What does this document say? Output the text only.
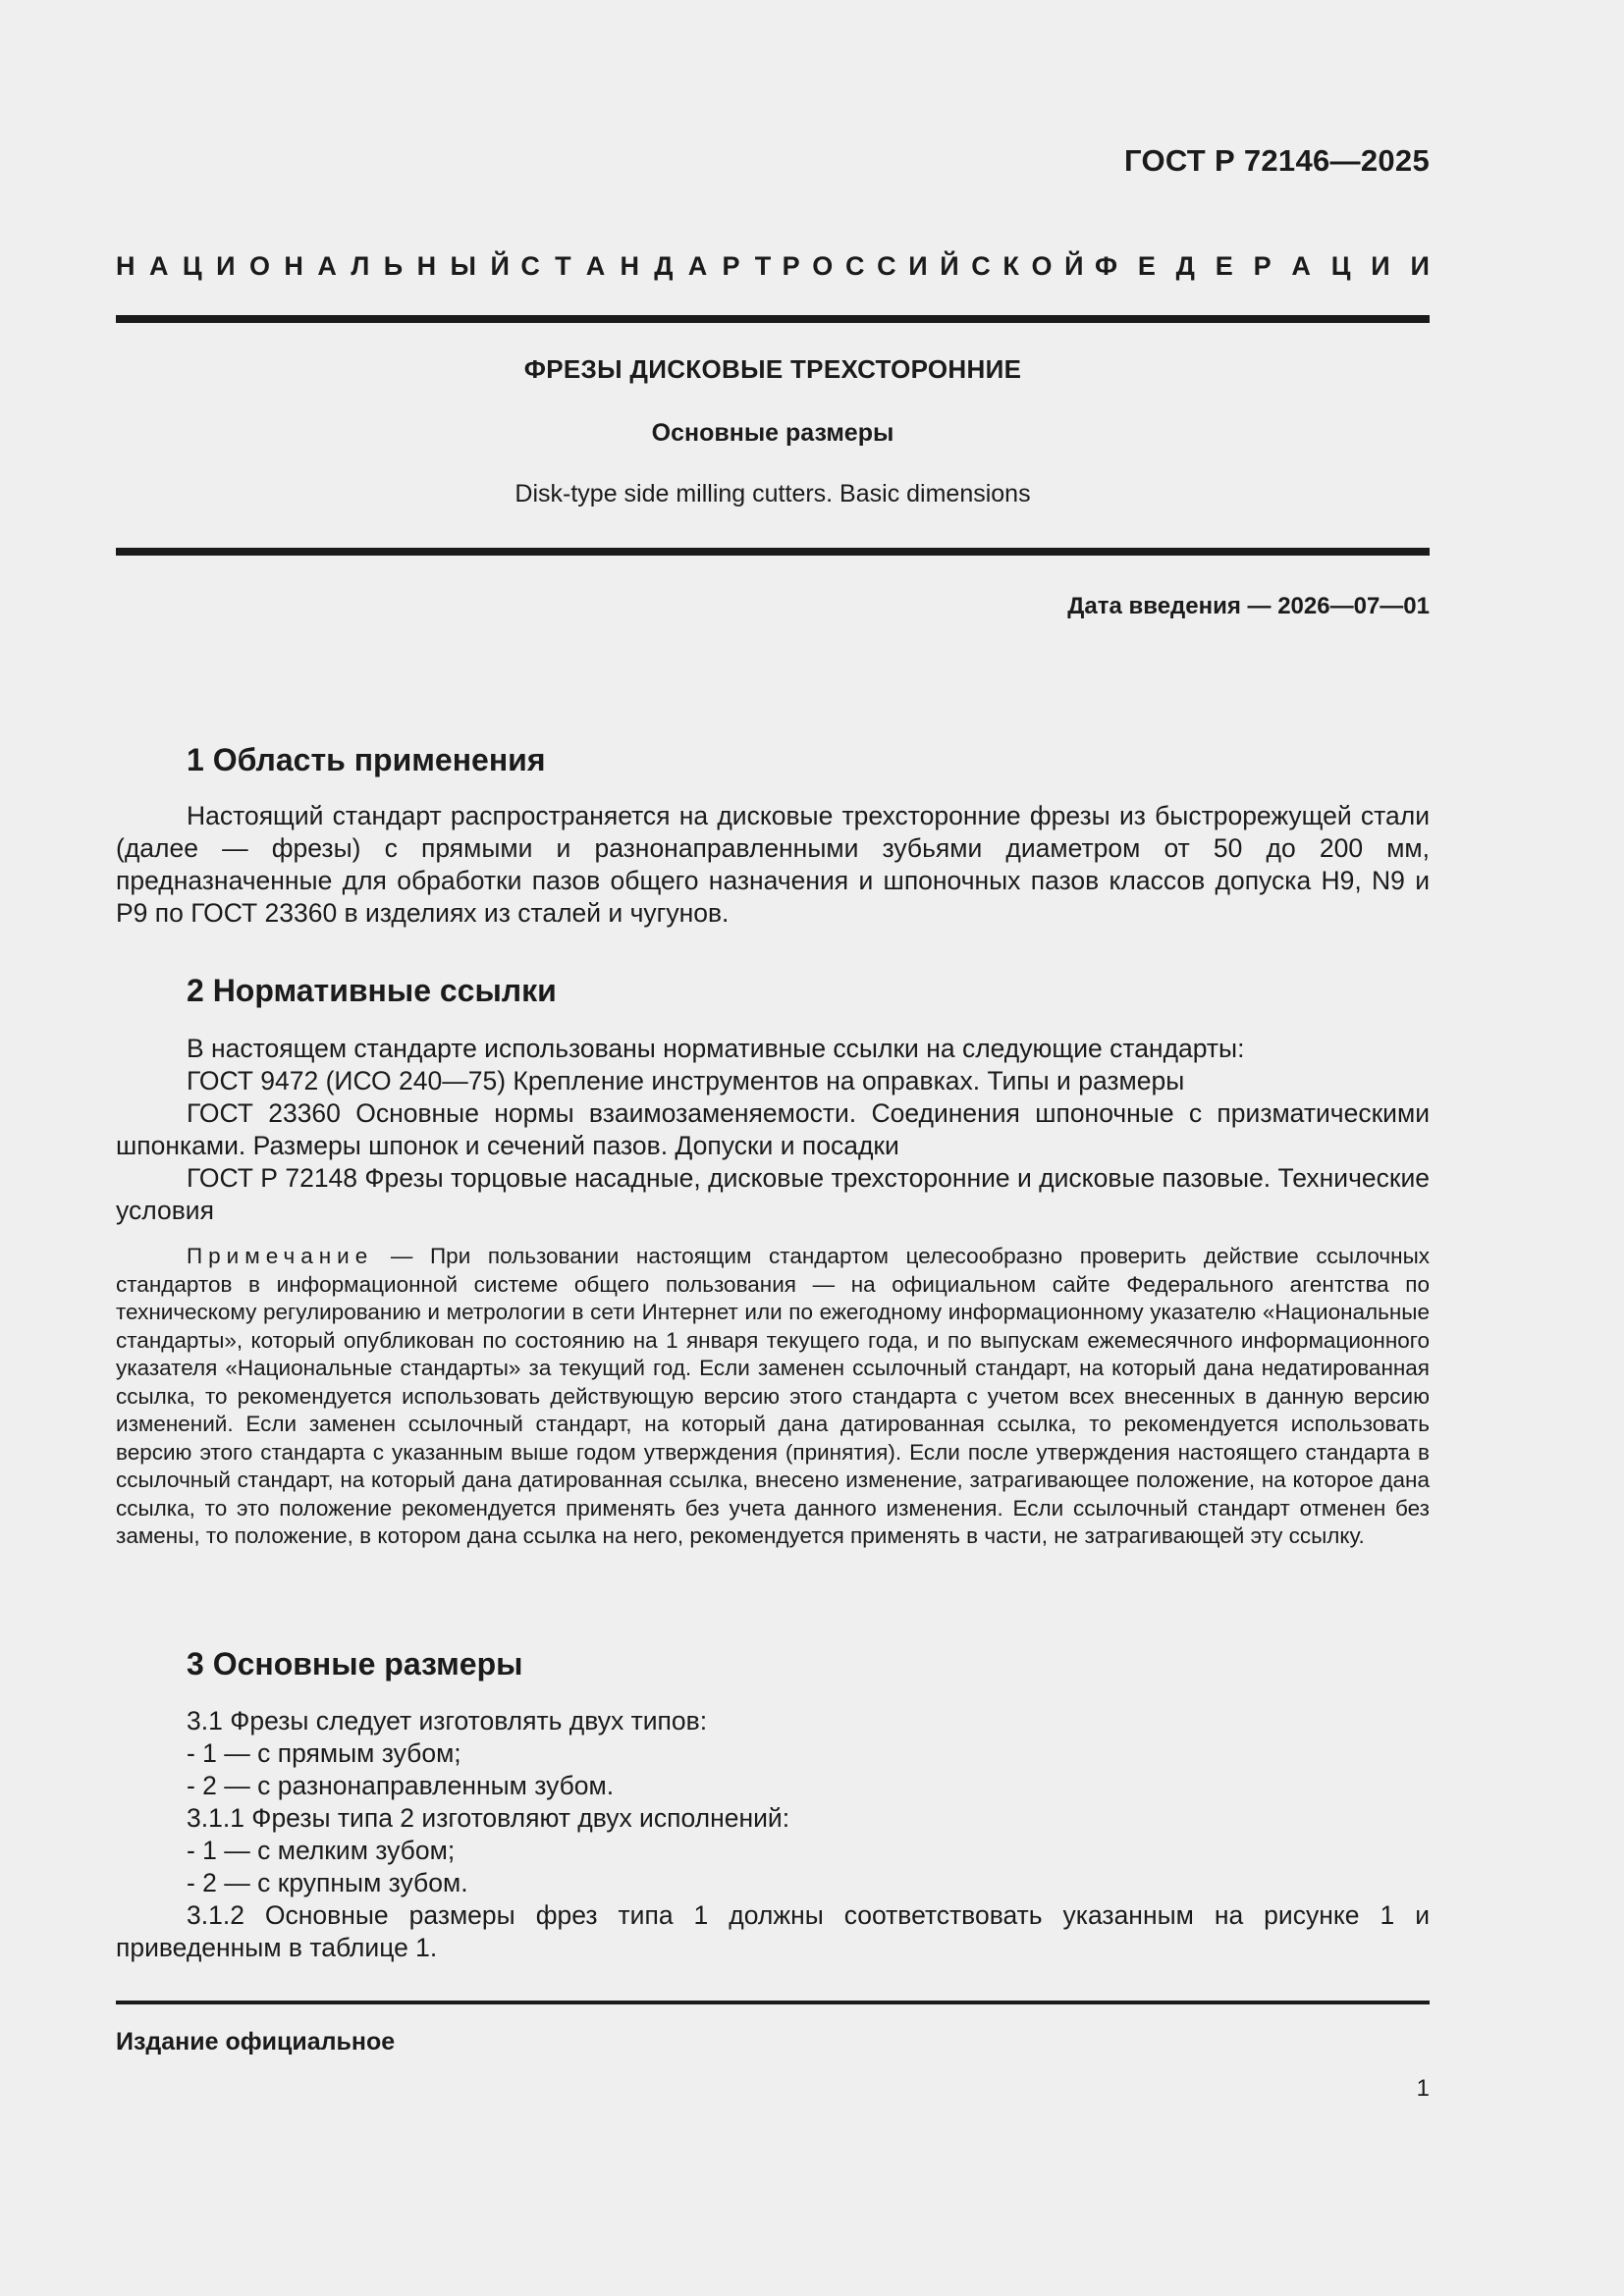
ГОСТ Р 72146—2025
Н А Ц И О Н А Л Ь Н Ы Й С Т А Н Д А Р Т Р О С С И Й С К О Й Ф Е Д Е Р А Ц И И
ФРЕЗЫ ДИСКОВЫЕ ТРЕХСТОРОННИЕ
Основные размеры
Disk-type side milling cutters. Basic dimensions
Дата введения — 2026—07—01
1 Область применения
Настоящий стандарт распространяется на дисковые трехсторонние фрезы из быстрорежущей стали (далее — фрезы) с прямыми и разнонаправленными зубьями диаметром от 50 до 200 мм, предназначенные для обработки пазов общего назначения и шпоночных пазов классов допуска H9, N9 и P9 по ГОСТ 23360 в изделиях из сталей и чугунов.
2 Нормативные ссылки

В настоящем стандарте использованы нормативные ссылки на следующие стандарты:

ГОСТ 9472 (ИСО 240—75) Крепление инструментов на оправках. Типы и размеры

ГОСТ 23360 Основные нормы взаимозаменяемости. Соединения шпоночные с призматическими шпонками. Размеры шпонок и сечений пазов. Допуски и посадки

ГОСТ Р 72148 Фрезы торцовые насадные, дисковые трехсторонние и дисковые пазовые. Технические условия

Примечание — При пользовании настоящим стандартом целесообразно проверить действие ссылочных стандартов в информационной системе общего пользования — на официальном сайте Федерального агентства по техническому регулированию и метрологии в сети Интернет или по ежегодному информационному указателю «Национальные стандарты», который опубликован по состоянию на 1 января текущего года, и по выпускам ежемесячного информационного указателя «Национальные стандарты» за текущий год. Если заменен ссылочный стандарт, на который дана недатированная ссылка, то рекомендуется использовать действующую версию этого стандарта с учетом всех внесенных в данную версию изменений. Если заменен ссылочный стандарт, на который дана датированная ссылка, то рекомендуется использовать версию этого стандарта с указанным выше годом утверждения (принятия). Если после утверждения настоящего стандарта в ссылочный стандарт, на который дана датированная ссылка, внесено изменение, затрагивающее положение, на которое дана ссылка, то это положение рекомендуется применять без учета данного изменения. Если ссылочный стандарт отменен без замены, то положение, в котором дана ссылка на него, рекомендуется применять в части, не затрагивающей эту ссылку.
3 Основные размеры

3.1 Фрезы следует изготовлять двух типов:

- 1 — с прямым зубом;

- 2 — с разнонаправленным зубом.

3.1.1 Фрезы типа 2 изготовляют двух исполнений:

- 1 — с мелким зубом;

- 2 — с крупным зубом.

3.1.2 Основные размеры фрез типа 1 должны соответствовать указанным на рисунке 1 и приведенным в таблице 1.

Издание официальное
1
